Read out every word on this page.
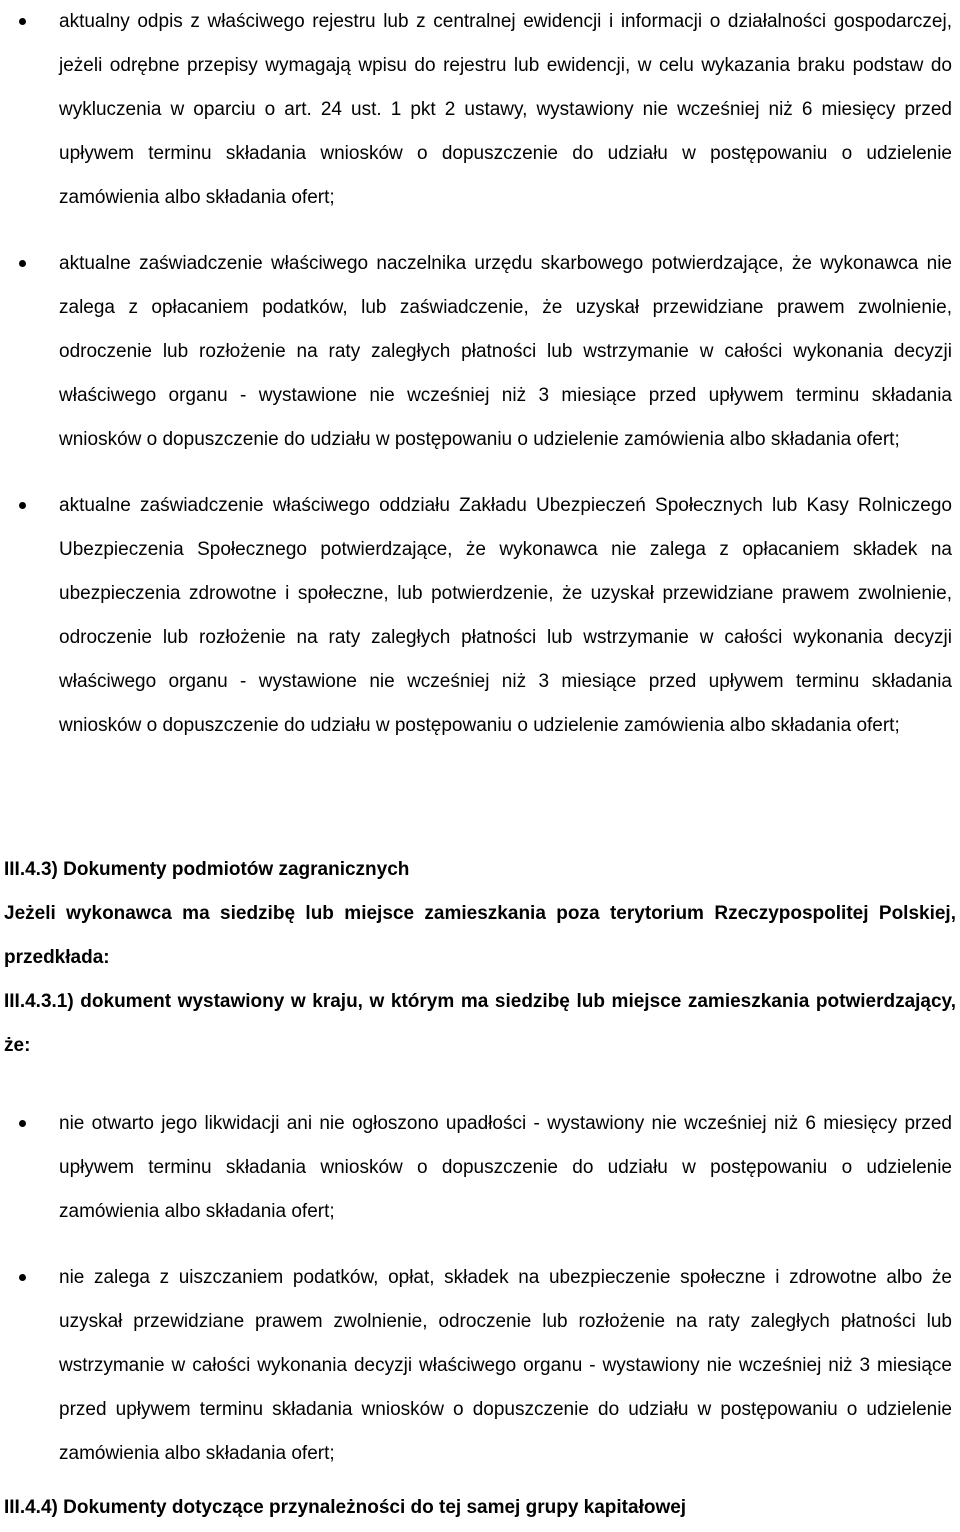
aktualny odpis z właściwego rejestru lub z centralnej ewidencji i informacji o działalności gospodarczej, jeżeli odrębne przepisy wymagają wpisu do rejestru lub ewidencji, w celu wykazania braku podstaw do wykluczenia w oparciu o art. 24 ust. 1 pkt 2 ustawy, wystawiony nie wcześniej niż 6 miesięcy przed upływem terminu składania wniosków o dopuszczenie do udziału w postępowaniu o udzielenie zamówienia albo składania ofert;
aktualne zaświadczenie właściwego naczelnika urzędu skarbowego potwierdzające, że wykonawca nie zalega z opłacaniem podatków, lub zaświadczenie, że uzyskał przewidziane prawem zwolnienie, odroczenie lub rozłożenie na raty zaległych płatności lub wstrzymanie w całości wykonania decyzji właściwego organu - wystawione nie wcześniej niż 3 miesiące przed upływem terminu składania wniosków o dopuszczenie do udziału w postępowaniu o udzielenie zamówienia albo składania ofert;
aktualne zaświadczenie właściwego oddziału Zakładu Ubezpieczeń Społecznych lub Kasy Rolniczego Ubezpieczenia Społecznego potwierdzające, że wykonawca nie zalega z opłacaniem składek na ubezpieczenia zdrowotne i społeczne, lub potwierdzenie, że uzyskał przewidziane prawem zwolnienie, odroczenie lub rozłożenie na raty zaległych płatności lub wstrzymanie w całości wykonania decyzji właściwego organu - wystawione nie wcześniej niż 3 miesiące przed upływem terminu składania wniosków o dopuszczenie do udziału w postępowaniu o udzielenie zamówienia albo składania ofert;

III.4.3) Dokumenty podmiotów zagranicznych

Jeżeli wykonawca ma siedzibę lub miejsce zamieszkania poza terytorium Rzeczypospolitej Polskiej, przedkłada:

III.4.3.1) dokument wystawiony w kraju, w którym ma siedzibę lub miejsce zamieszkania potwierdzający, że:

nie otwarto jego likwidacji ani nie ogłoszono upadłości - wystawiony nie wcześniej niż 6 miesięcy przed upływem terminu składania wniosków o dopuszczenie do udziału w postępowaniu o udzielenie zamówienia albo składania ofert;
nie zalega z uiszczaniem podatków, opłat, składek na ubezpieczenie społeczne i zdrowotne albo że uzyskał przewidziane prawem zwolnienie, odroczenie lub rozłożenie na raty zaległych płatności lub wstrzymanie w całości wykonania decyzji właściwego organu - wystawiony nie wcześniej niż 3 miesiące przed upływem terminu składania wniosków o dopuszczenie do udziału w postępowaniu o udzielenie zamówienia albo składania ofert;

III.4.4) Dokumenty dotyczące przynależności do tej samej grupy kapitałowej
